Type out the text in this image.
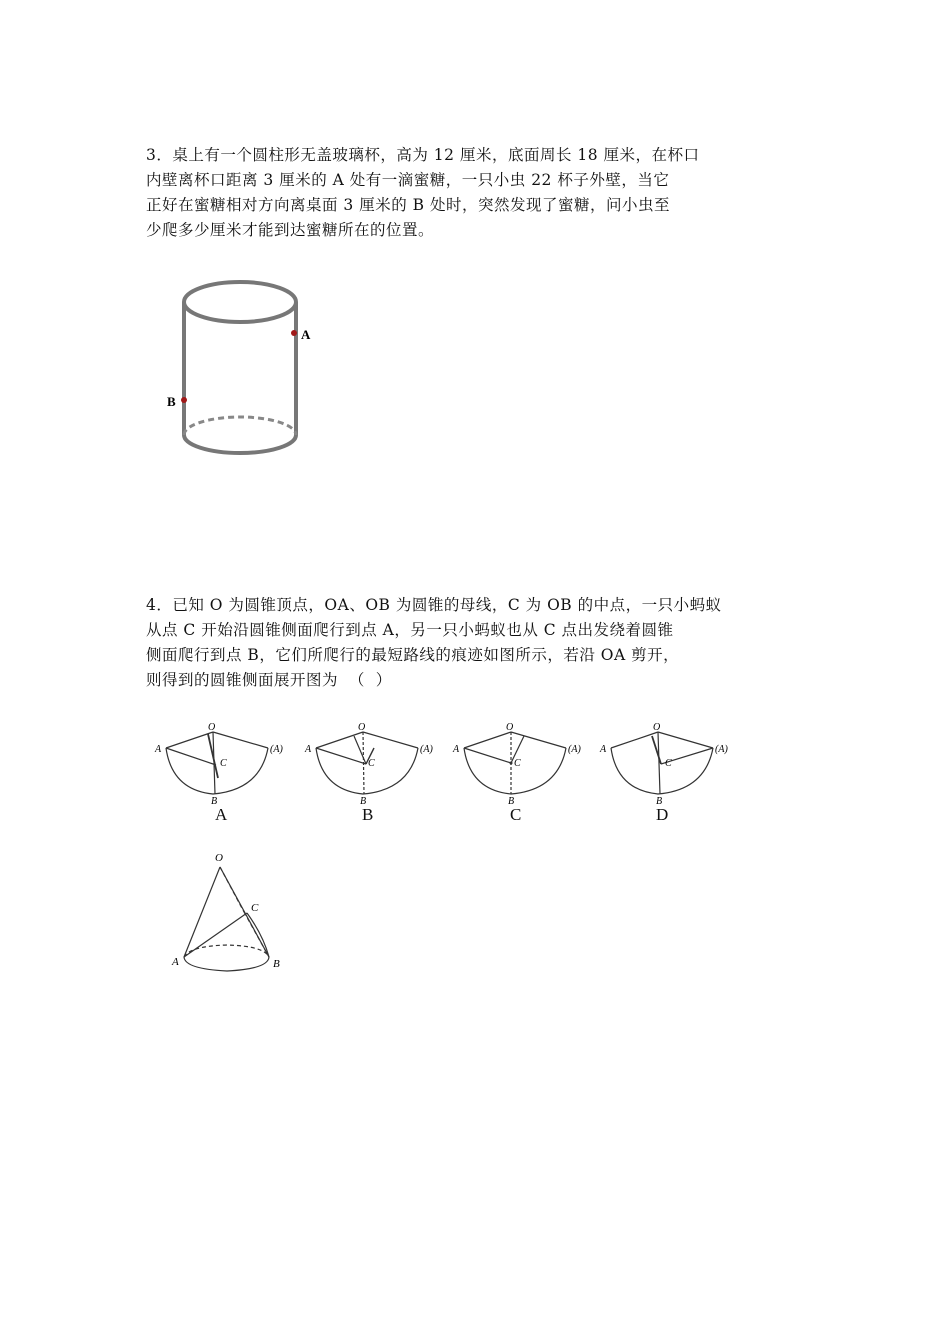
3．桌上有一个圆柱形无盖玻璃杯，高为 12 厘米，底面周长 18 厘米，在杯口
内壁离杯口距离 3 厘米的 A 处有一滴蜜糖，一只小虫 22 杯子外壁，当它
正好在蜜糖相对方向离桌面 3 厘米的 B 处时，突然发现了蜜糖，问小虫至
少爬多少厘米才能到达蜜糖所在的位置。
A
B
4．已知 O 为圆锥顶点，OA、OB 为圆锥的母线，C 为 OB 的中点，一只小蚂蚁
从点 C 开始沿圆锥侧面爬行到点 A，另一只小蚂蚁也从 C 点出发绕着圆锥
侧面爬行到点 B，它们所爬行的最短路线的痕迹如图所示，若沿 OA 剪开，
则得到的圆锥侧面展开图为  （  ）
O
A	(A)
B
C
A
O
A	(A)
B
C
B
O
A	(A)
B
C
C
O
A	(A)
B
C
D
O
C
A	B
